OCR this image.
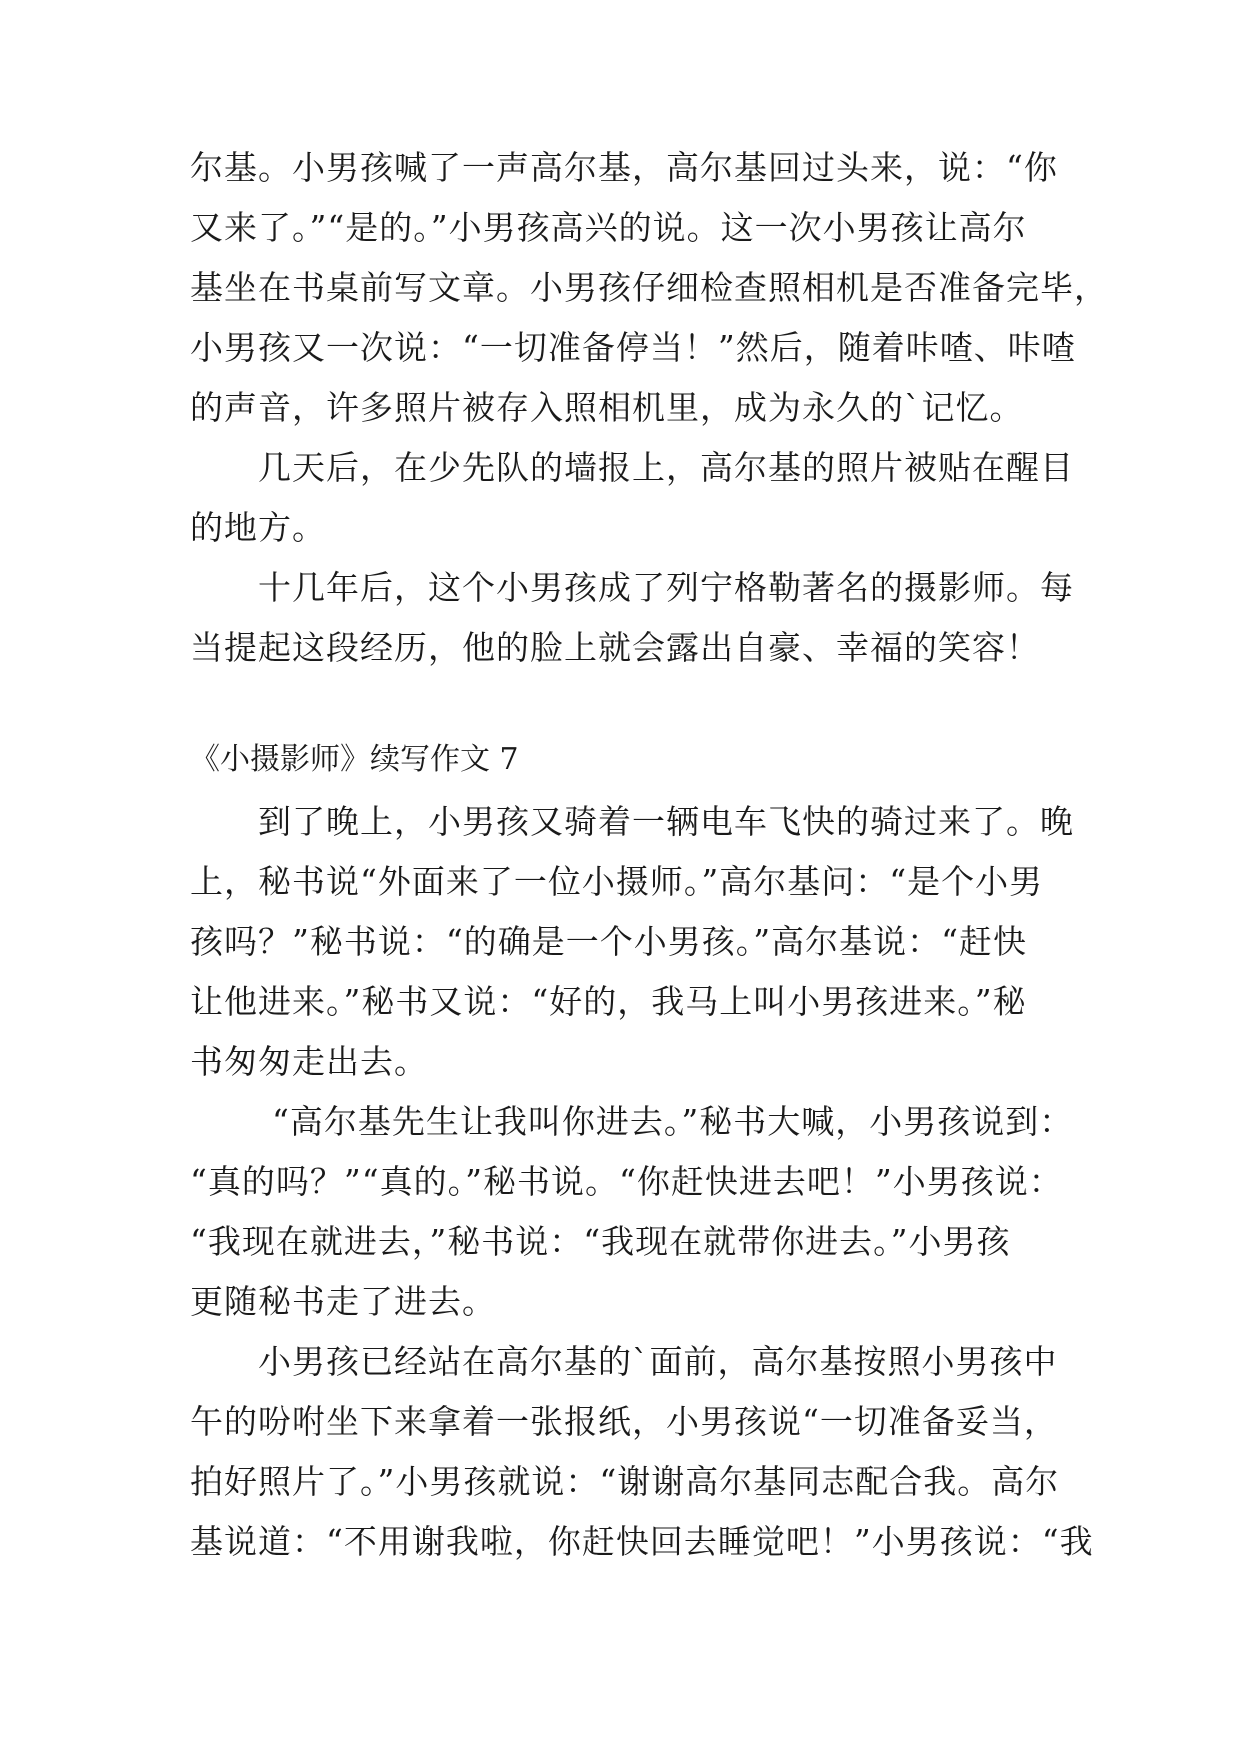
尔基。小男孩喊了一声高尔基，高尔基回过头来，说：“你
又来了。”“是的。”小男孩高兴的说。这一次小男孩让高尔
基坐在书桌前写文章。小男孩仔细检查照相机是否准备完毕，
小男孩又一次说：“一切准备停当！”然后，随着咔喳、咔喳
的声音，许多照片被存入照相机里，成为永久的`记忆。
几天后，在少先队的墙报上，高尔基的照片被贴在醒目
的地方。
十几年后，这个小男孩成了列宁格勒著名的摄影师。每
当提起这段经历，他的脸上就会露出自豪、幸福的笑容！
《小摄影师》续写作文 7
到了晚上，小男孩又骑着一辆电车飞快的骑过来了。晚
上，秘书说“外面来了一位小摄师。”高尔基问：“是个小男
孩吗？”秘书说：“的确是一个小男孩。”高尔基说：“赶快
让他进来。”秘书又说：“好的，我马上叫小男孩进来。”秘
书匆匆走出去。
“高尔基先生让我叫你进去。”秘书大喊，小男孩说到：
“真的吗？”“真的。”秘书说。“你赶快进去吧！”小男孩说：
“我现在就进去，”秘书说：“我现在就带你进去。”小男孩
更随秘书走了进去。
小男孩已经站在高尔基的`面前，高尔基按照小男孩中
午的吩咐坐下来拿着一张报纸，小男孩说“一切准备妥当，
拍好照片了。”小男孩就说：“谢谢高尔基同志配合我。高尔
基说道：“不用谢我啦，你赶快回去睡觉吧！”小男孩说：“我
